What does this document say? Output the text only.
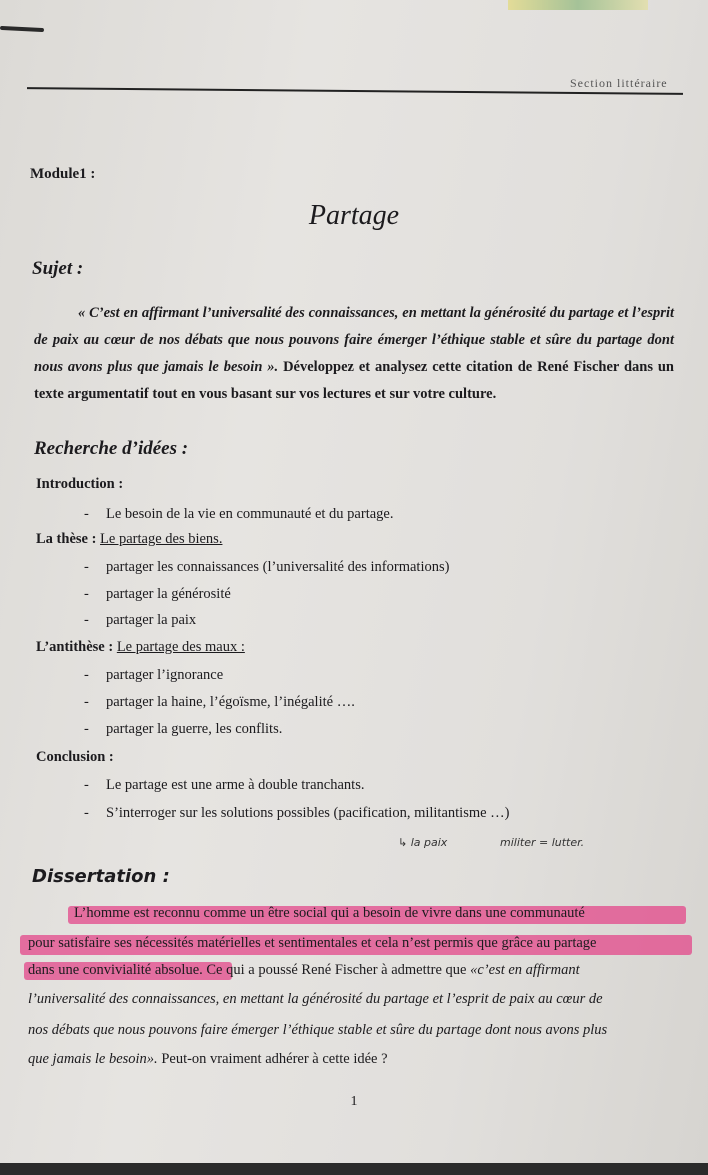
Section littéraire
Module1 :
Partage
Sujet :
« C’est en affirmant l’universalité des connaissances, en mettant la générosité du partage et l’esprit de paix au cœur de nos débats que nous pouvons faire émerger l’éthique stable et sûre du partage dont nous avons plus que jamais le besoin ». Développez et analysez cette citation de René Fischer dans un texte argumentatif tout en vous basant sur vos lectures et sur votre culture.
Recherche d’idées :
Introduction :
- Le besoin de la vie en communauté et du partage.
La thèse : Le partage des biens.
- partager les connaissances (l’universalité des informations)
- partager la générosité
- partager la paix
L’antithèse : Le partage des maux :
- partager l’ignorance
- partager la haine, l’égoïsme, l’inégalité ….
- partager la guerre, les conflits.
Conclusion :
- Le partage est une arme à double tranchants.
- S’interroger sur les solutions possibles (pacification, militantisme …)
↳ la paix	militer = lutter.
Dissertation :
L’homme est reconnu comme un être social qui a besoin de vivre dans une communauté
pour satisfaire ses nécessités matérielles et sentimentales et cela n’est permis que grâce au partage
dans une convivialité absolue. Ce qui a poussé René Fischer à admettre que «c’est en affirmant
l’universalité des connaissances, en mettant la générosité du partage et l’esprit de paix au cœur de
nos débats que nous pouvons faire émerger l’éthique stable et sûre du partage dont nous avons plus
que jamais le besoin». Peut-on vraiment adhérer à cette idée ?
1
